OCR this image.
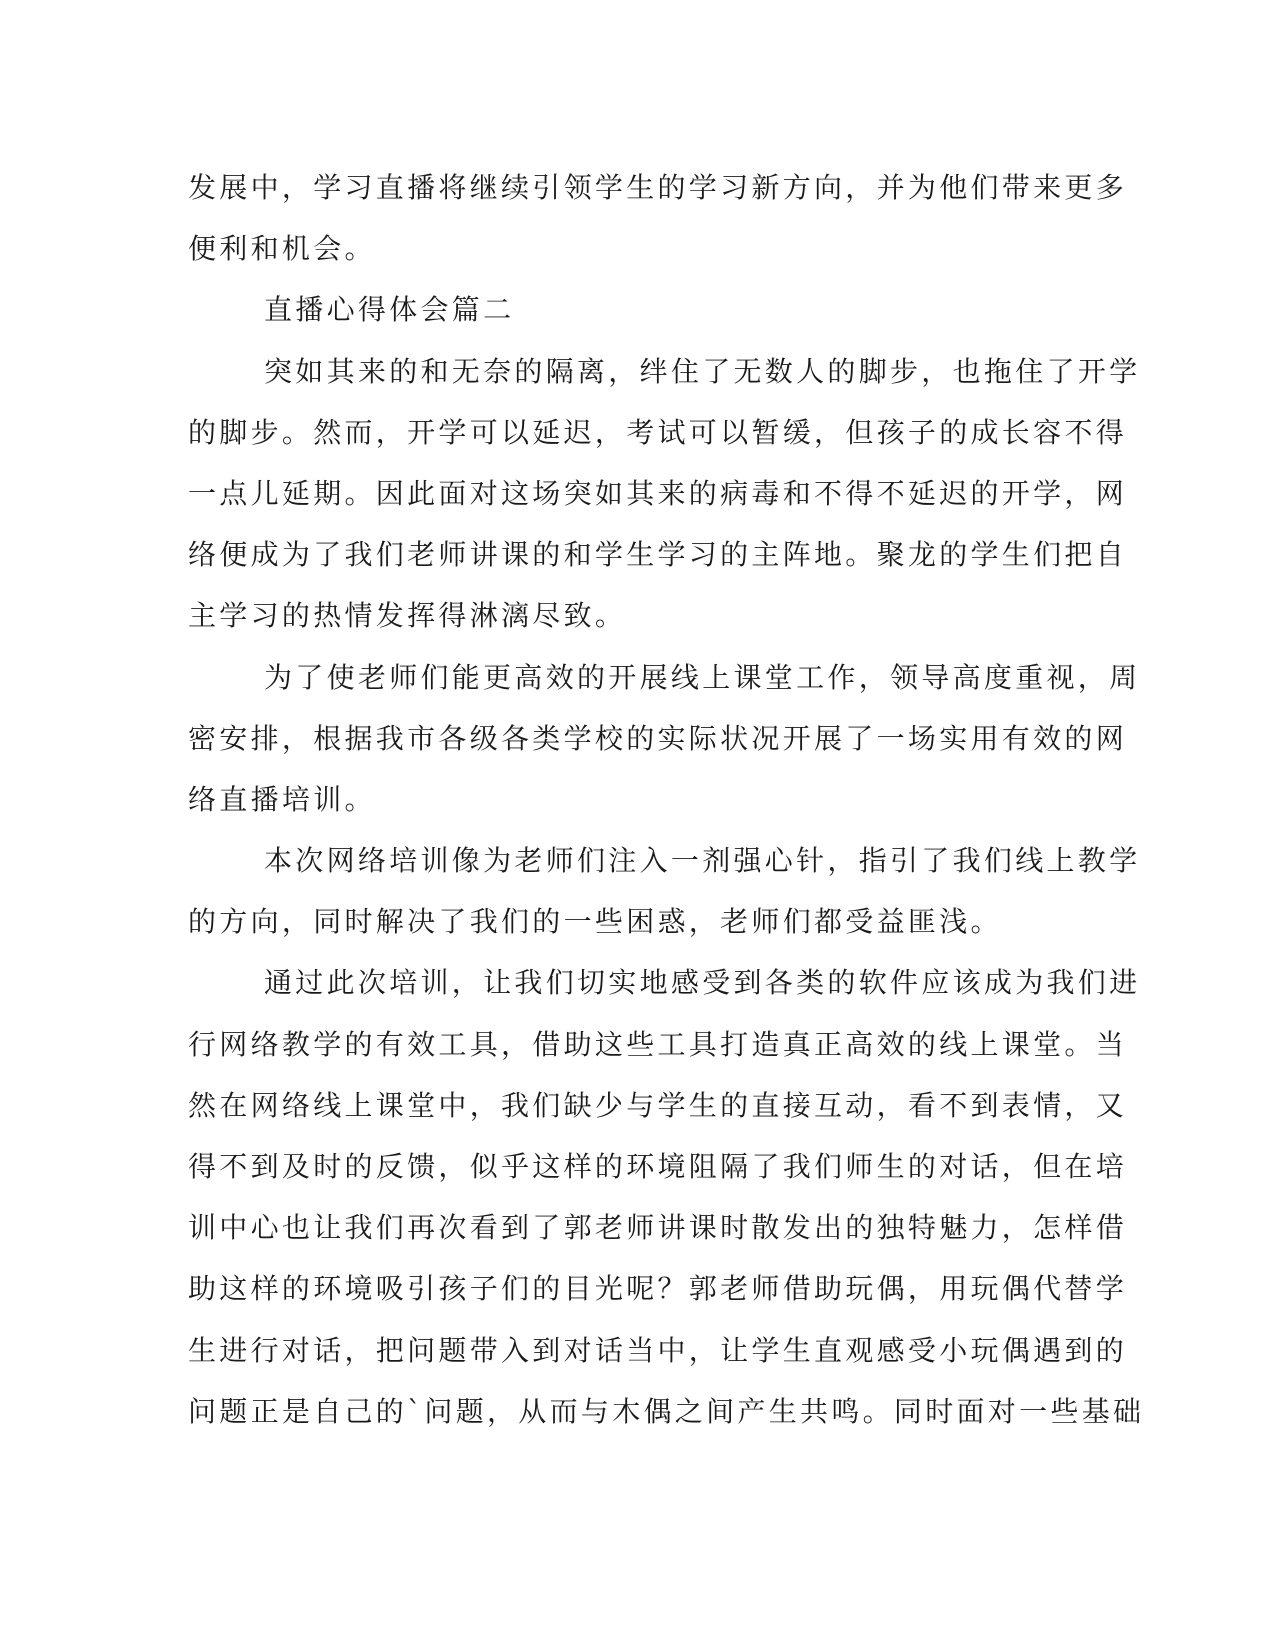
发展中，学习直播将继续引领学生的学习新方向，并为他们带来更多
便利和机会。
直播心得体会篇二
突如其来的和无奈的隔离，绊住了无数人的脚步，也拖住了开学
的脚步。然而，开学可以延迟，考试可以暂缓，但孩子的成长容不得
一点儿延期。因此面对这场突如其来的病毒和不得不延迟的开学，网
络便成为了我们老师讲课的和学生学习的主阵地。聚龙的学生们把自
主学习的热情发挥得淋漓尽致。
为了使老师们能更高效的开展线上课堂工作，领导高度重视，周
密安排，根据我市各级各类学校的实际状况开展了一场实用有效的网
络直播培训。
本次网络培训像为老师们注入一剂强心针，指引了我们线上教学
的方向，同时解决了我们的一些困惑，老师们都受益匪浅。
通过此次培训，让我们切实地感受到各类的软件应该成为我们进
行网络教学的有效工具，借助这些工具打造真正高效的线上课堂。当
然在网络线上课堂中，我们缺少与学生的直接互动，看不到表情，又
得不到及时的反馈，似乎这样的环境阻隔了我们师生的对话，但在培
训中心也让我们再次看到了郭老师讲课时散发出的独特魅力，怎样借
助这样的环境吸引孩子们的目光呢？郭老师借助玩偶，用玩偶代替学
生进行对话，把问题带入到对话当中，让学生直观感受小玩偶遇到的
问题正是自己的`问题，从而与木偶之间产生共鸣。同时面对一些基础
